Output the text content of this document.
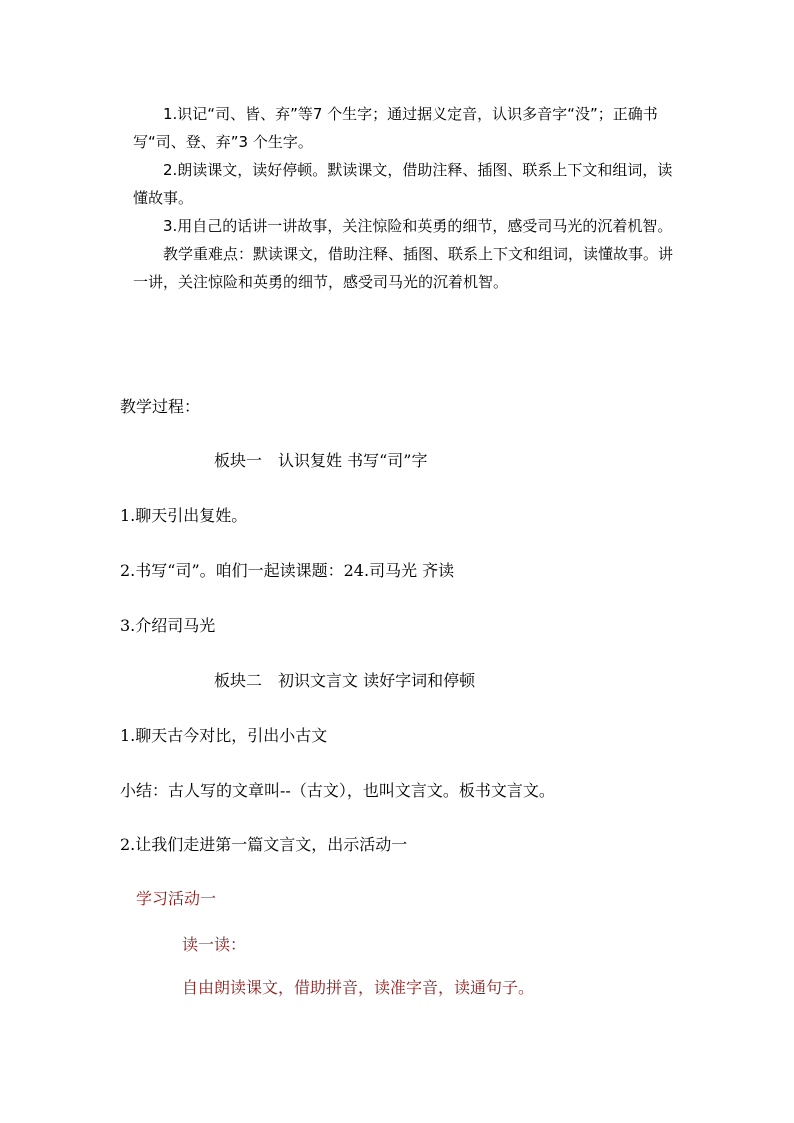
1.识记“司、皆、弃”等7 个生字；通过据义定音，认识多音字“没”；正确书写“司、登、弃”3 个生字。

2.朗读课文，读好停顿。默读课文，借助注释、插图、联系上下文和组词，读懂故事。

3.用自己的话讲一讲故事，关注惊险和英勇的细节，感受司马光的沉着机智。

教学重难点：默读课文，借助注释、插图、联系上下文和组词，读懂故事。讲一讲，关注惊险和英勇的细节，感受司马光的沉着机智。

教学过程：
板块一　认识复姓 书写“司”字
1.聊天引出复姓。
2.书写“司”。咱们一起读课题：24.司马光 齐读
3.介绍司马光
板块二　初识文言文 读好字词和停顿
1.聊天古今对比，引出小古文
小结：古人写的文章叫--（古文），也叫文言文。板书文言文。
2.让我们走进第一篇文言文，出示活动一
学习活动一
读一读：
自由朗读课文，借助拼音，读准字音，读通句子。
